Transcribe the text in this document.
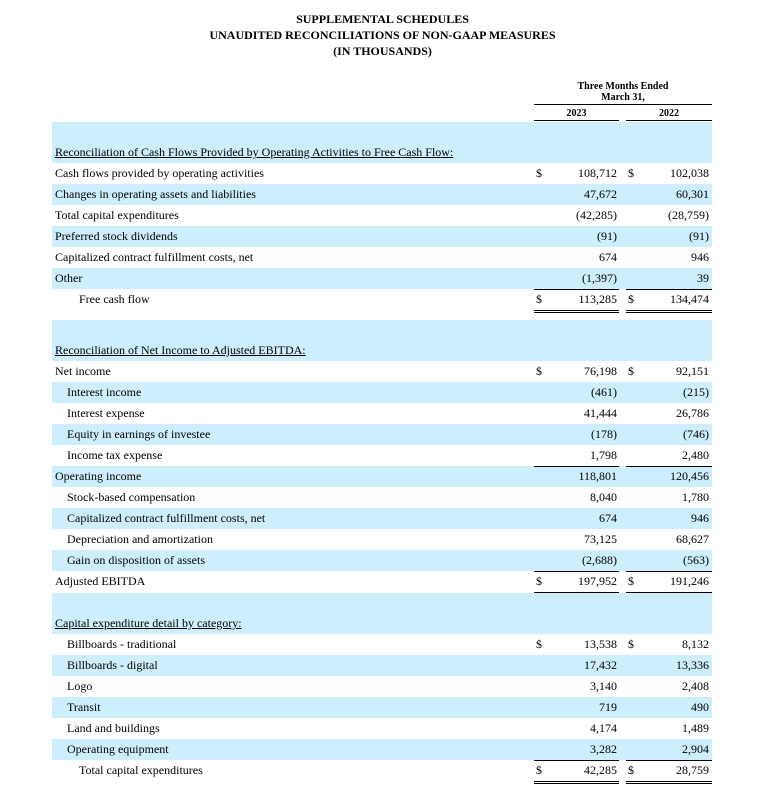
SUPPLEMENTAL SCHEDULES
UNAUDITED RECONCILIATIONS OF NON-GAAP MEASURES
(IN THOUSANDS)
Three Months Ended
March 31,
2023	2022
Reconciliation of Cash Flows Provided by Operating Activities to Free Cash Flow:
Cash flows provided by operating activities	$	108,712 $	102,038
Changes in operating assets and liabilities	47,672	60,301
Total capital expenditures	(42,285)	(28,759)
Preferred stock dividends	(91)	(91)
Capitalized contract fulfillment costs, net	674	946
Other	(1,397)	39
Free cash flow	$	113,285 $	134,474
Reconciliation of Net Income to Adjusted EBITDA:
Net income	$	76,198 $	92,151
Interest income	(461)	(215)
Interest expense	41,444	26,786
Equity in earnings of investee	(178)	(746)
Income tax expense	1,798	2,480
Operating income	118,801	120,456
Stock-based compensation	8,040	1,780
Capitalized contract fulfillment costs, net	674	946
Depreciation and amortization	73,125	68,627
Gain on disposition of assets	(2,688)	(563)
Adjusted EBITDA	$	197,952 $	191,246
Capital expenditure detail by category:
Billboards - traditional	$	13,538 $	8,132
Billboards - digital	17,432	13,336
Logo	3,140	2,408
Transit	719	490
Land and buildings	4,174	1,489
Operating equipment	3,282	2,904
Total capital expenditures	$	42,285 $	28,759
